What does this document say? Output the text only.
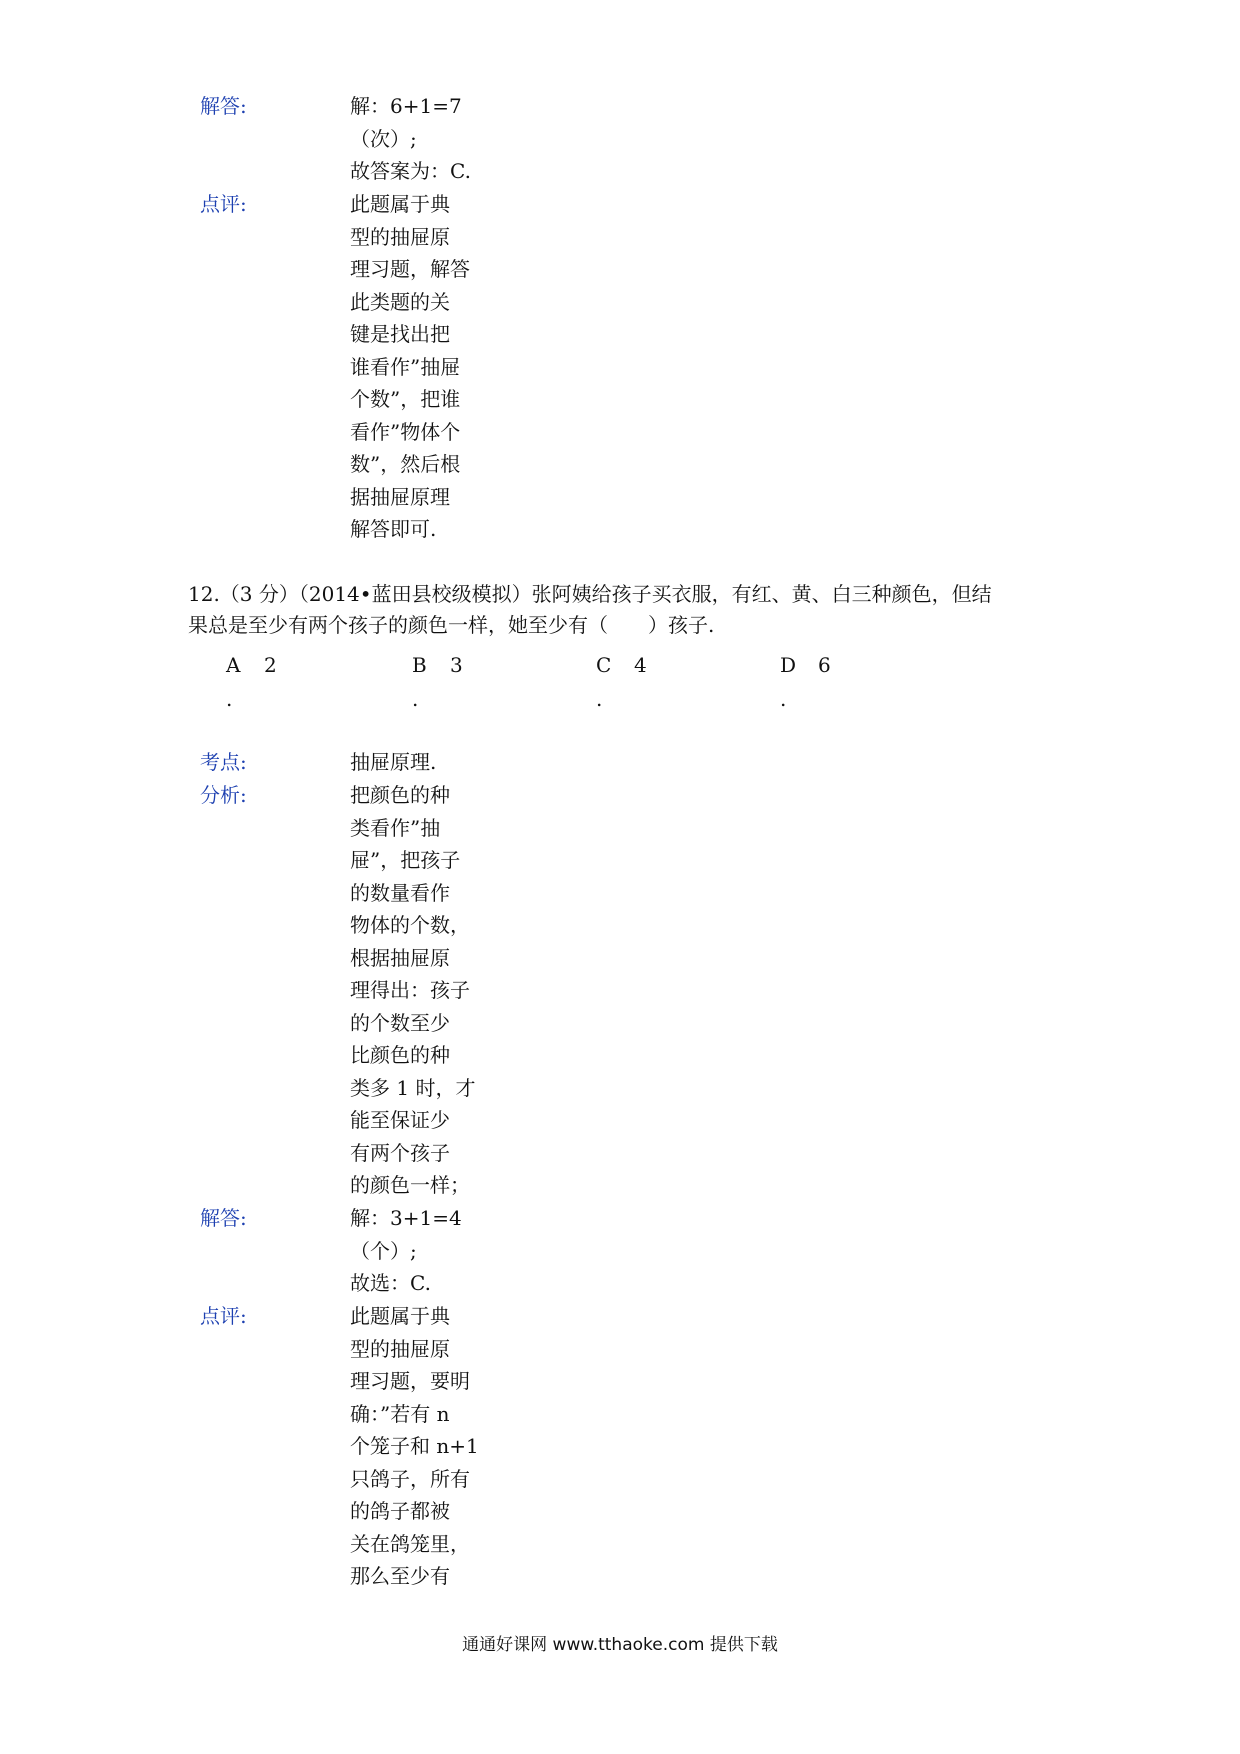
解答:	解：6+1=7
（次）;
故答案为：C.
点评:	此题属于典
型的抽屉原
理习题，解答
此类题的关
键是找出把
谁看作”抽屉
个数”，把谁
看作”物体个
数”，然后根
据抽屉原理
解答即可.
12.（3 分）（2014•蓝田县校级模拟）张阿姨给孩子买衣服，有红、黄、白三种颜色，但结
果总是至少有两个孩子的颜色一样，她至少有（　　）孩子.
A 2
.
B 3
.
C 4
.
D 6
.
考点:	抽屉原理.
分析:	把颜色的种
类看作”抽
屉”，把孩子
的数量看作
物体的个数，
根据抽屉原
理得出：孩子
的个数至少
比颜色的种
类多 1 时，才
能至保证少
有两个孩子
的颜色一样；
解答:	解：3+1=4
（个）;
故选：C.
点评:	此题属于典
型的抽屉原
理习题，要明
确：”若有 n
个笼子和 n+1
只鸽子，所有
的鸽子都被
关在鸽笼里，
那么至少有
通通好课网 www.tthaoke.com 提供下载
